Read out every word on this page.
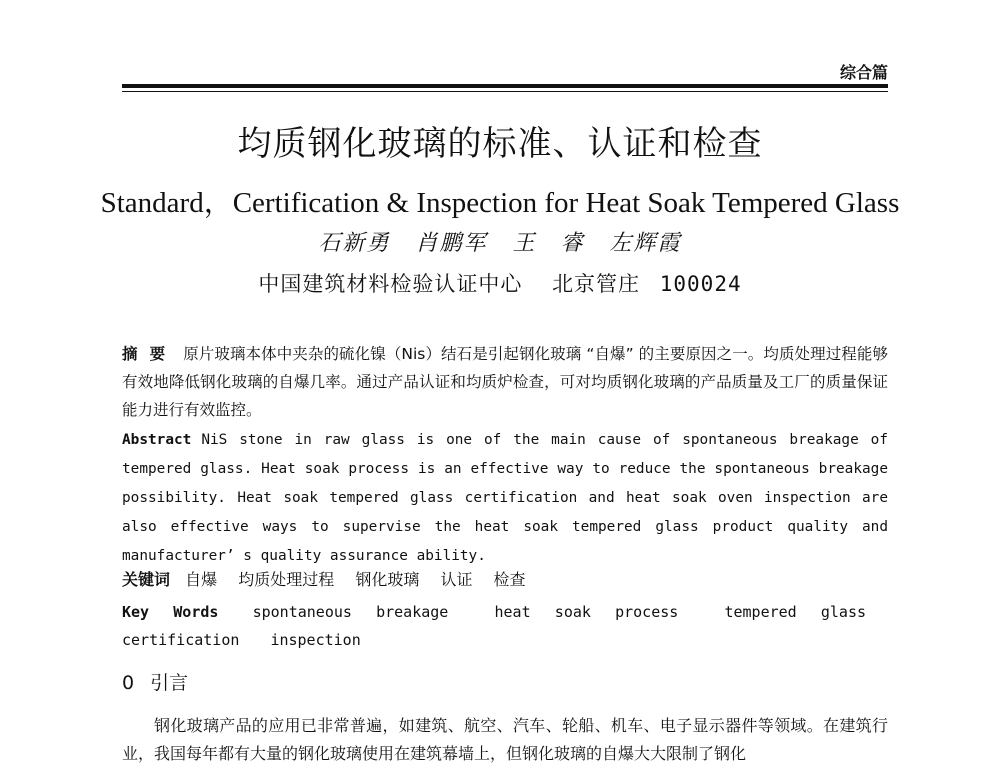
综合篇
均质钢化玻璃的标准、认证和检查
Standard，Certification & Inspection for Heat Soak Tempered Glass
石新勇 肖鹏军 王　睿 左辉霞
中国建筑材料检验认证中心 北京管庄 100024
摘要 原片玻璃本体中夹杂的硫化镍（Nis）结石是引起钢化玻璃 “自爆” 的主要原因之一。均质处理过程能够有效地降低钢化玻璃的自爆几率。通过产品认证和均质炉检查，可对均质钢化玻璃的产品质量及工厂的质量保证能力进行有效监控。
Abstract NiS stone in raw glass is one of the main cause of spontaneous breakage of tempered glass. Heat soak process is an effective way to reduce the spontaneous breakage possibility. Heat soak tempered glass certification and heat soak oven inspection are also effective ways to supervise the heat soak tempered glass product quality and manufacturer’ s quality assurance ability.
关键词 自爆 均质处理过程 钢化玻璃 认证 检查
Key Words spontaneous breakage	heat soak process	tempered glass certification inspection
0 引言
钢化玻璃产品的应用已非常普遍，如建筑、航空、汽车、轮船、机车、电子显示器件等领域。在建筑行业，我国每年都有大量的钢化玻璃使用在建筑幕墙上，但钢化玻璃的自爆大大限制了钢化
